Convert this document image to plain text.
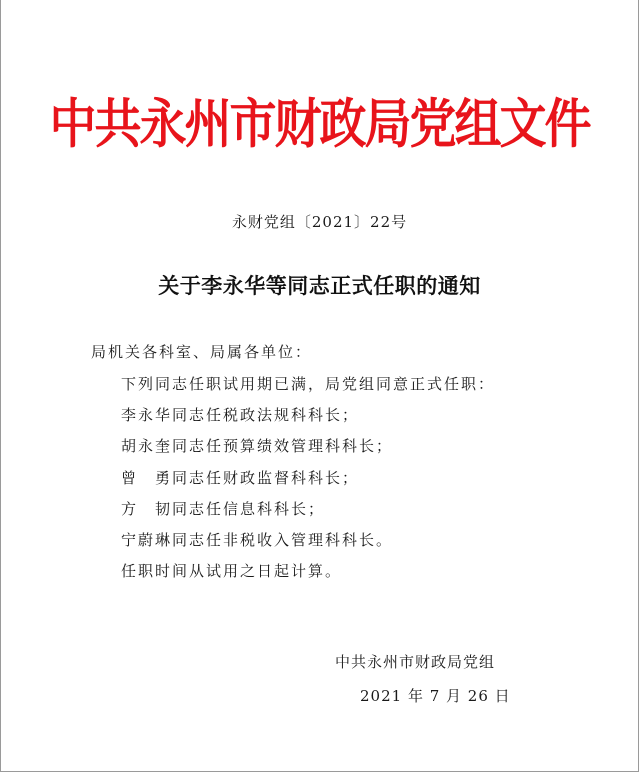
中共永州市财政局党组文件
永财党组〔2021〕22号
关于李永华等同志正式任职的通知
局机关各科室、局属各单位：
下列同志任职试用期已满，局党组同意正式任职：
李永华同志任税政法规科科长；
胡永奎同志任预算绩效管理科科长；
曾　勇同志任财政监督科科长；
方　韧同志任信息科科长；
宁蔚琳同志任非税收入管理科科长。
任职时间从试用之日起计算。
中共永州市财政局党组
2021 年 7 月 26 日
